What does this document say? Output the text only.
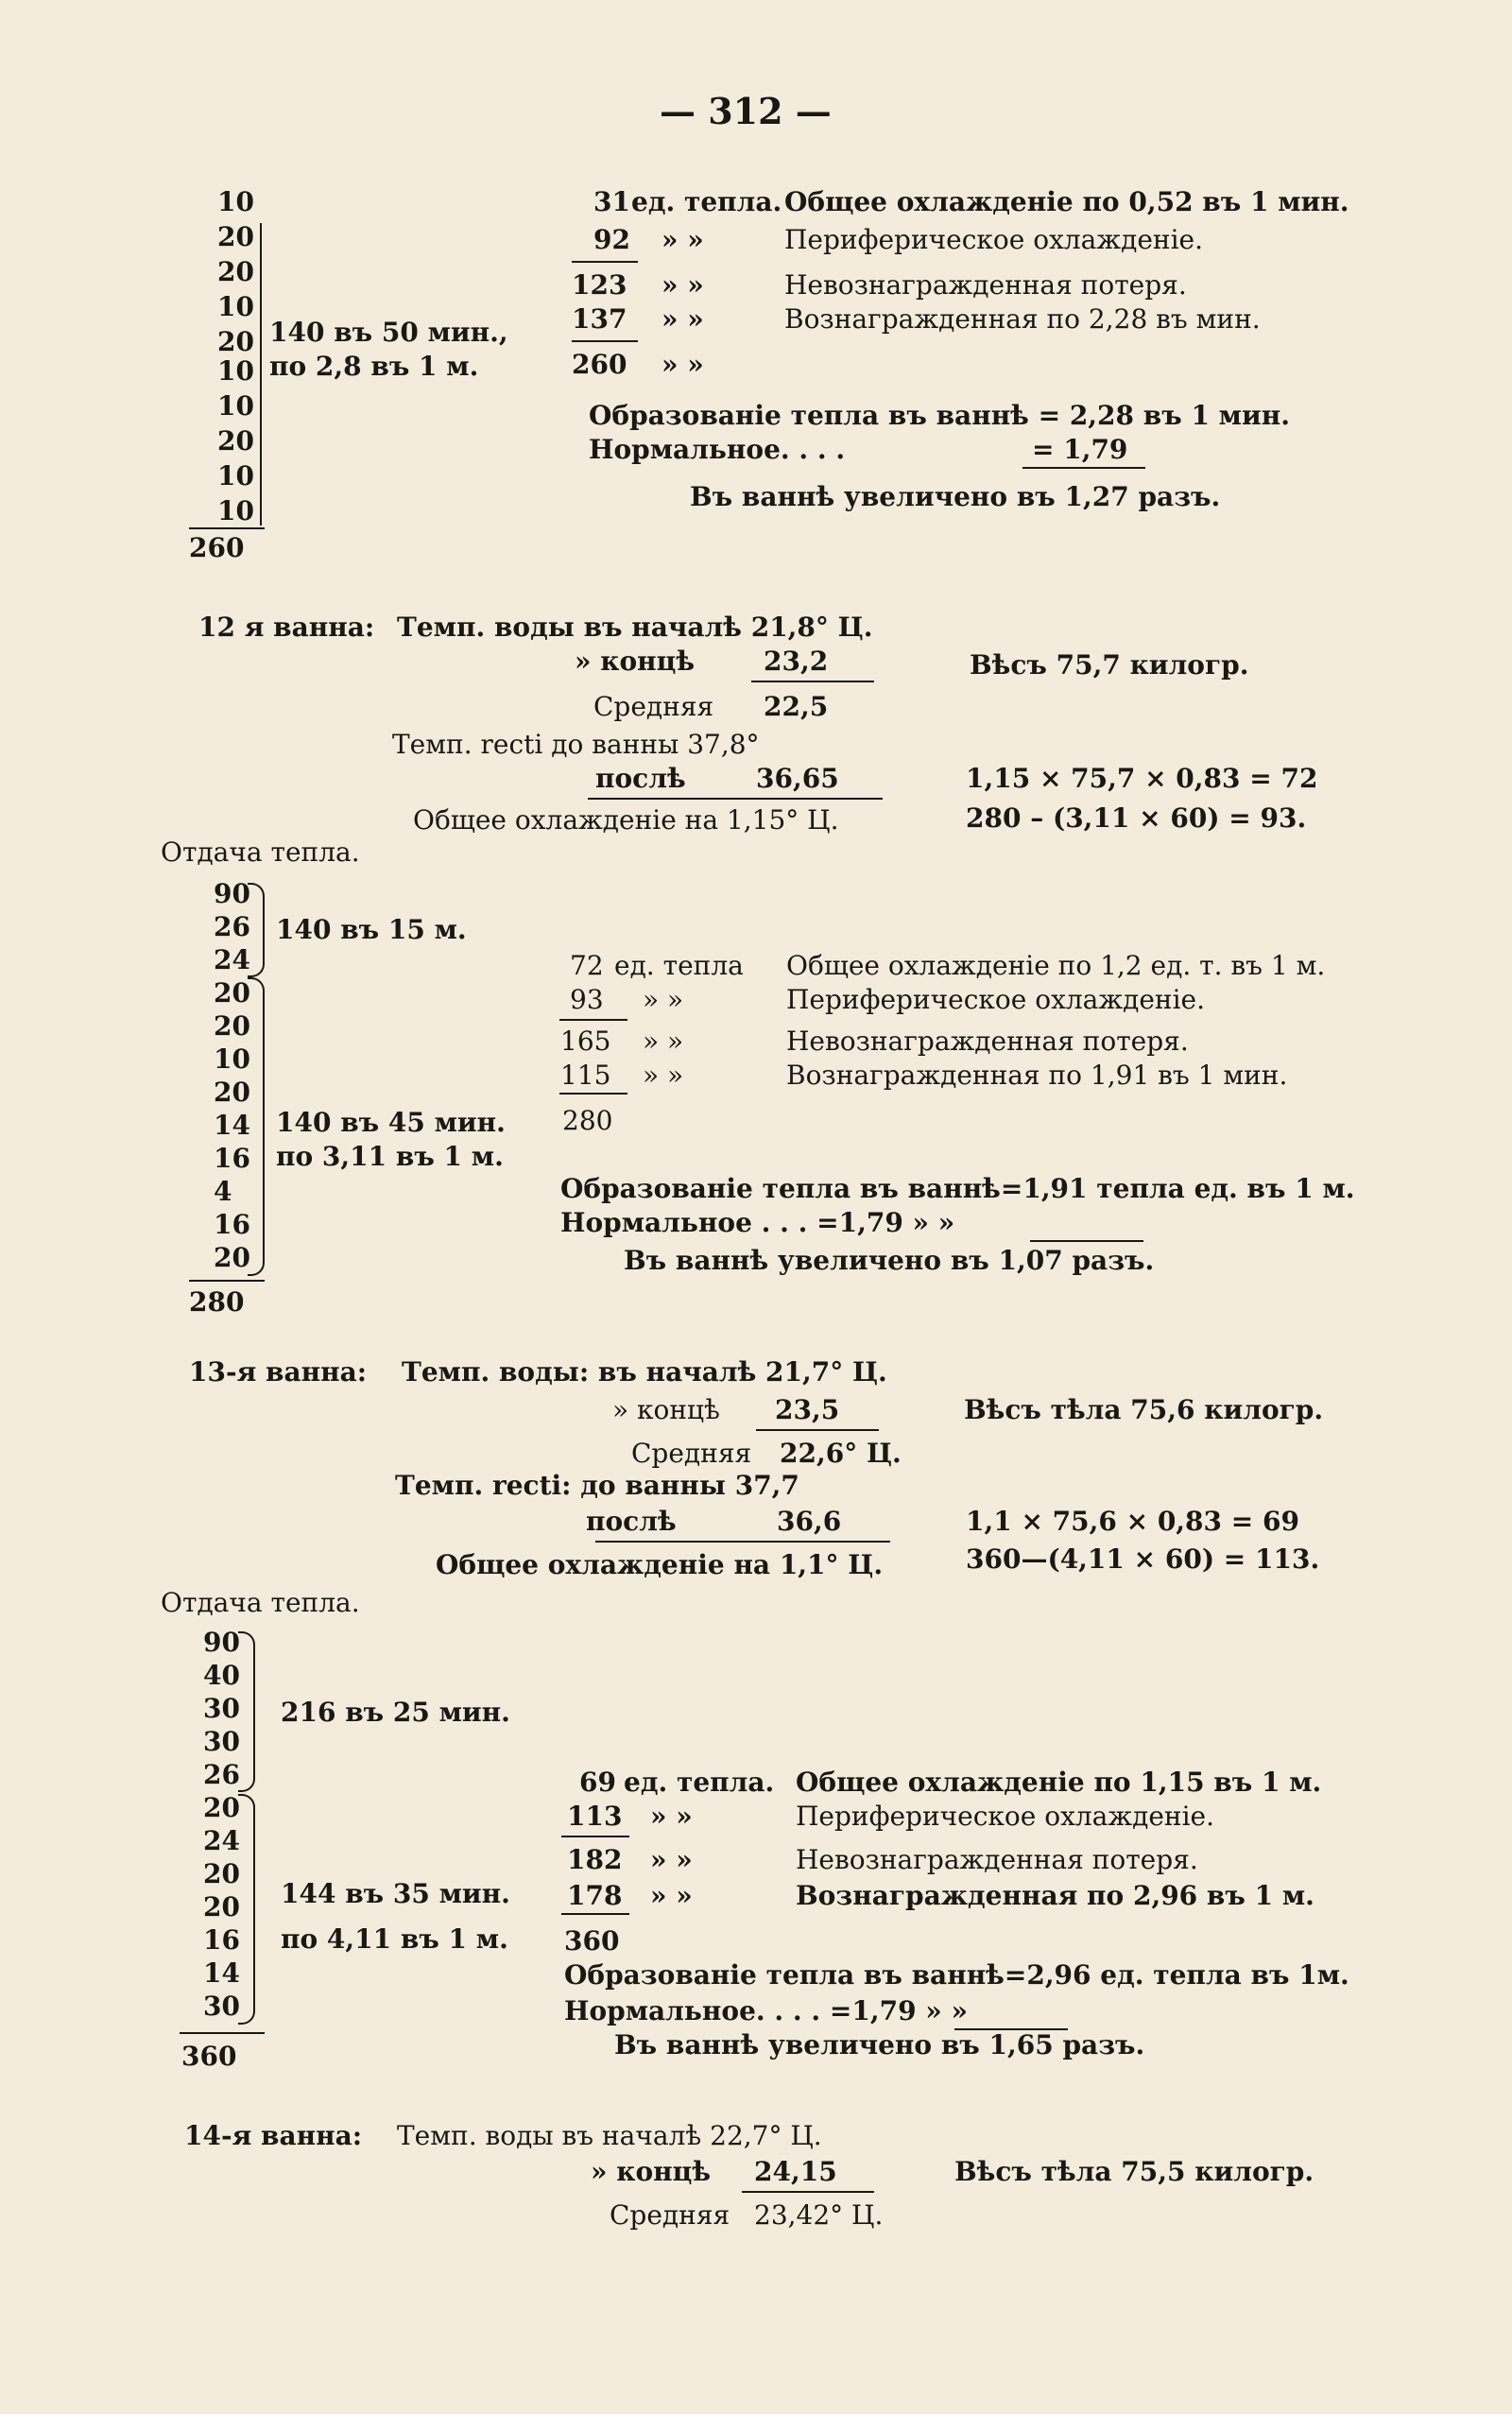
— 312 —
10
20
20
10
20
10
10
20
10
10
260
140 въ 50 мин.,
по 2,8 въ 1 м.
31 ед. тепла. Общее охлажденіе по 0,52 въ 1 мин.
92 » »	Периферическое охлажденіе.
123 » »	Невознагражденная потеря.
137 » »	Вознагражденная по 2,28 въ мин.
260 » »
Образованіе тепла въ ваннѣ = 2,28 въ 1 мин.
Нормальное. . . .	= 1,79
Въ ваннѣ увеличено въ 1,27 разъ.
12 я ванна: Темп. воды въ началѣ 21,8° Ц.
» концѣ	23,2	Вѣсъ 75,7 килогр.
Средняя 22,5
Темп. recti до ванны 37,8°
послѣ	36,65	1,15 × 75,7 × 0,83 = 72
Общее охлажденіе на 1,15° Ц.	280 – (3,11 × 60) = 93.
Отдача тепла.
90
26
24
20
20
10
20
14
16
4
16
20
280
140 въ 15 м.
140 въ 45 мин.
по 3,11 въ 1 м.
72 ед. тепла Общее охлажденіе по 1,2 ед. т. въ 1 м.
93 » »	Периферическое охлажденіе.
165 » »	Невознагражденная потеря.
115 » »	Вознагражденная по 1,91 въ 1 мин.
280
Образованіе тепла въ ваннѣ=1,91 тепла ед. въ 1 м.
Нормальное . . . =1,79 » »
Въ ваннѣ увеличено въ 1,07 разъ.
13-я ванна: Темп. воды: въ началѣ 21,7° Ц.
» концѣ 23,5	Вѣсъ тѣла 75,6 килогр.
Средняя 22,6° Ц.
Темп. recti: до ванны 37,7
послѣ	36,6	1,1 × 75,6 × 0,83 = 69
Общее охлажденіе на 1,1° Ц.	360—(4,11 × 60) = 113.
Отдача тепла.
90
40
30
30
26
20
24
20
20
16
14
30
360
216 въ 25 мин.
144 въ 35 мин.
по 4,11 въ 1 м.
69 ед. тепла. Общее охлажденіе по 1,15 въ 1 м.
113 » »	Периферическое охлажденіе.
182 » »	Невознагражденная потеря.
178 » »	Вознагражденная по 2,96 въ 1 м.
360
Образованіе тепла въ ваннѣ=2,96 ед. тепла въ 1м.
Нормальное. . . . =1,79 » »
Въ ваннѣ увеличено въ 1,65 разъ.
14-я ванна: Темп. воды въ началѣ 22,7° Ц.
» концѣ 24,15	Вѣсъ тѣла 75,5 килогр.
Средняя 23,42° Ц.
